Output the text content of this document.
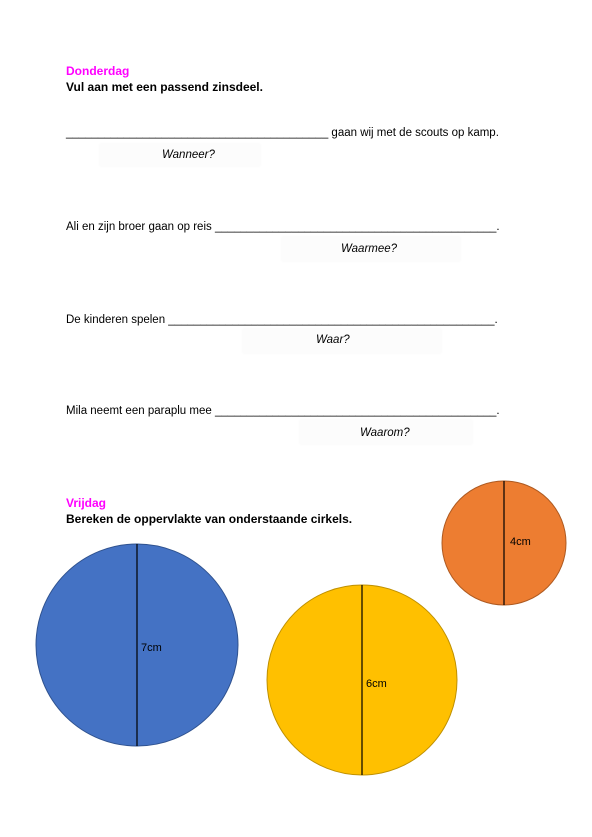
Donderdag
Vul aan met een passend zinsdeel.
_________________________________________ gaan wij met de scouts op kamp.
Wanneer?
Ali en zijn broer gaan op reis ____________________________________________.
Waarmee?
De kinderen spelen ___________________________________________________.
Waar?
Mila neemt een paraplu mee ____________________________________________.
Waarom?
Vrijdag
Bereken de oppervlakte van onderstaande cirkels.
7cm
6cm
4cm
